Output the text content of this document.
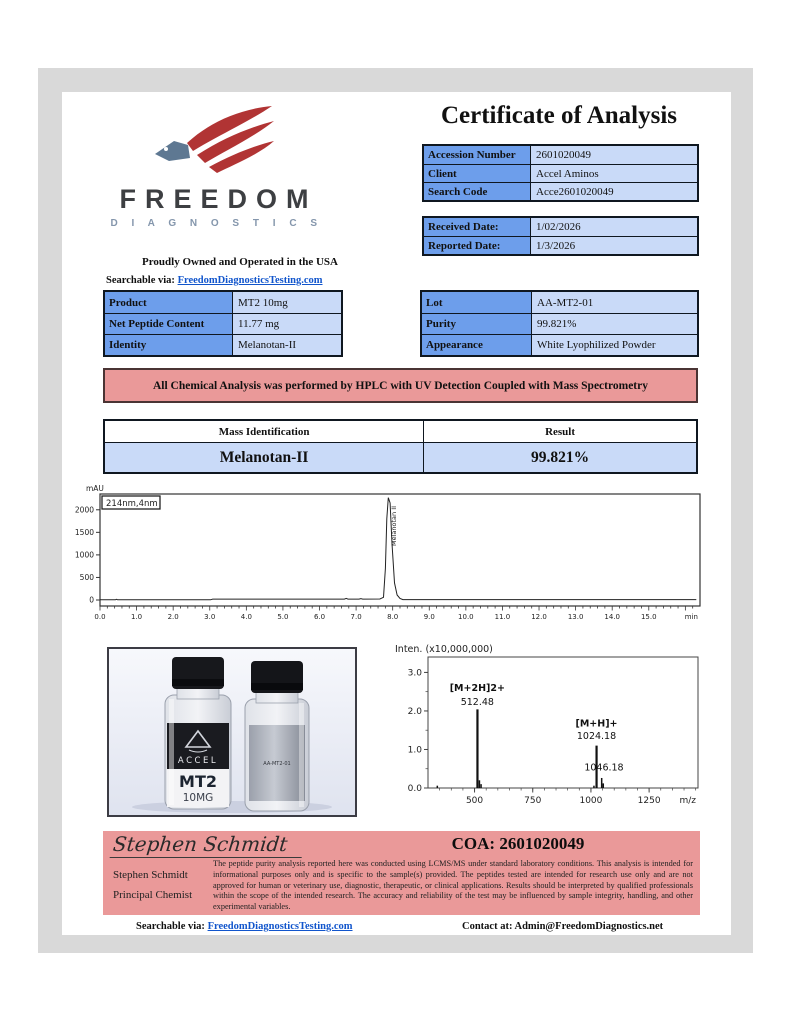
FREEDOM
D I A G N O S T I C S
Proudly Owned and Operated in the USA
Searchable via: FreedomDiagnosticsTesting.com
Certificate of Analysis
Accession Number	2601020049
Client	Accel Aminos
Search Code	Acce2601020049
Received Date:	1/02/2026
Reported Date:	1/3/2026
Product	MT2 10mg
Net Peptide Content	11.77 mg
Identity	Melanotan-II
Lot	AA-MT2-01
Purity	99.821%
Appearance	White Lyophilized Powder
All Chemical Analysis was performed by HPLC with UV Detection Coupled with Mass Spectrometry
Mass Identification	Result
Melanotan-II	99.821%
mAU
0
500
1000
1500
2000
0.0	1.0	2.0	3.0	4.0	5.0	6.0	7.0	8.0	9.0	10.0	11.0	12.0	13.0	14.0	15.0	min
214nm,4nm
Melanotan II
ACCEL
MT2
10MG
AA-MT2-01
Inten. (x10,000,000)
0.0
1.0
2.0
3.0
500	750	1000	1250 m/z
[M+2H]2+
512.48
[M+H]+
1024.18
1046.18
Stephen Schmidt
Stephen Schmidt
Principal Chemist
COA: 2601020049
The peptide purity analysis reported here was conducted using LCMS/MS under standard laboratory conditions. This analysis is intended for informational purposes only and is specific to the sample(s) provided. The peptides tested are intended for research use only and are not approved for human or veterinary use, diagnostic, therapeutic, or clinical applications. Results should be interpreted by qualified professionals within the scope of the intended research. The accuracy and reliability of the test may be influenced by sample integrity, handling, and other experimental variables.
Searchable via: FreedomDiagnosticsTesting.com	Contact at: Admin@FreedomDiagnostics.net
